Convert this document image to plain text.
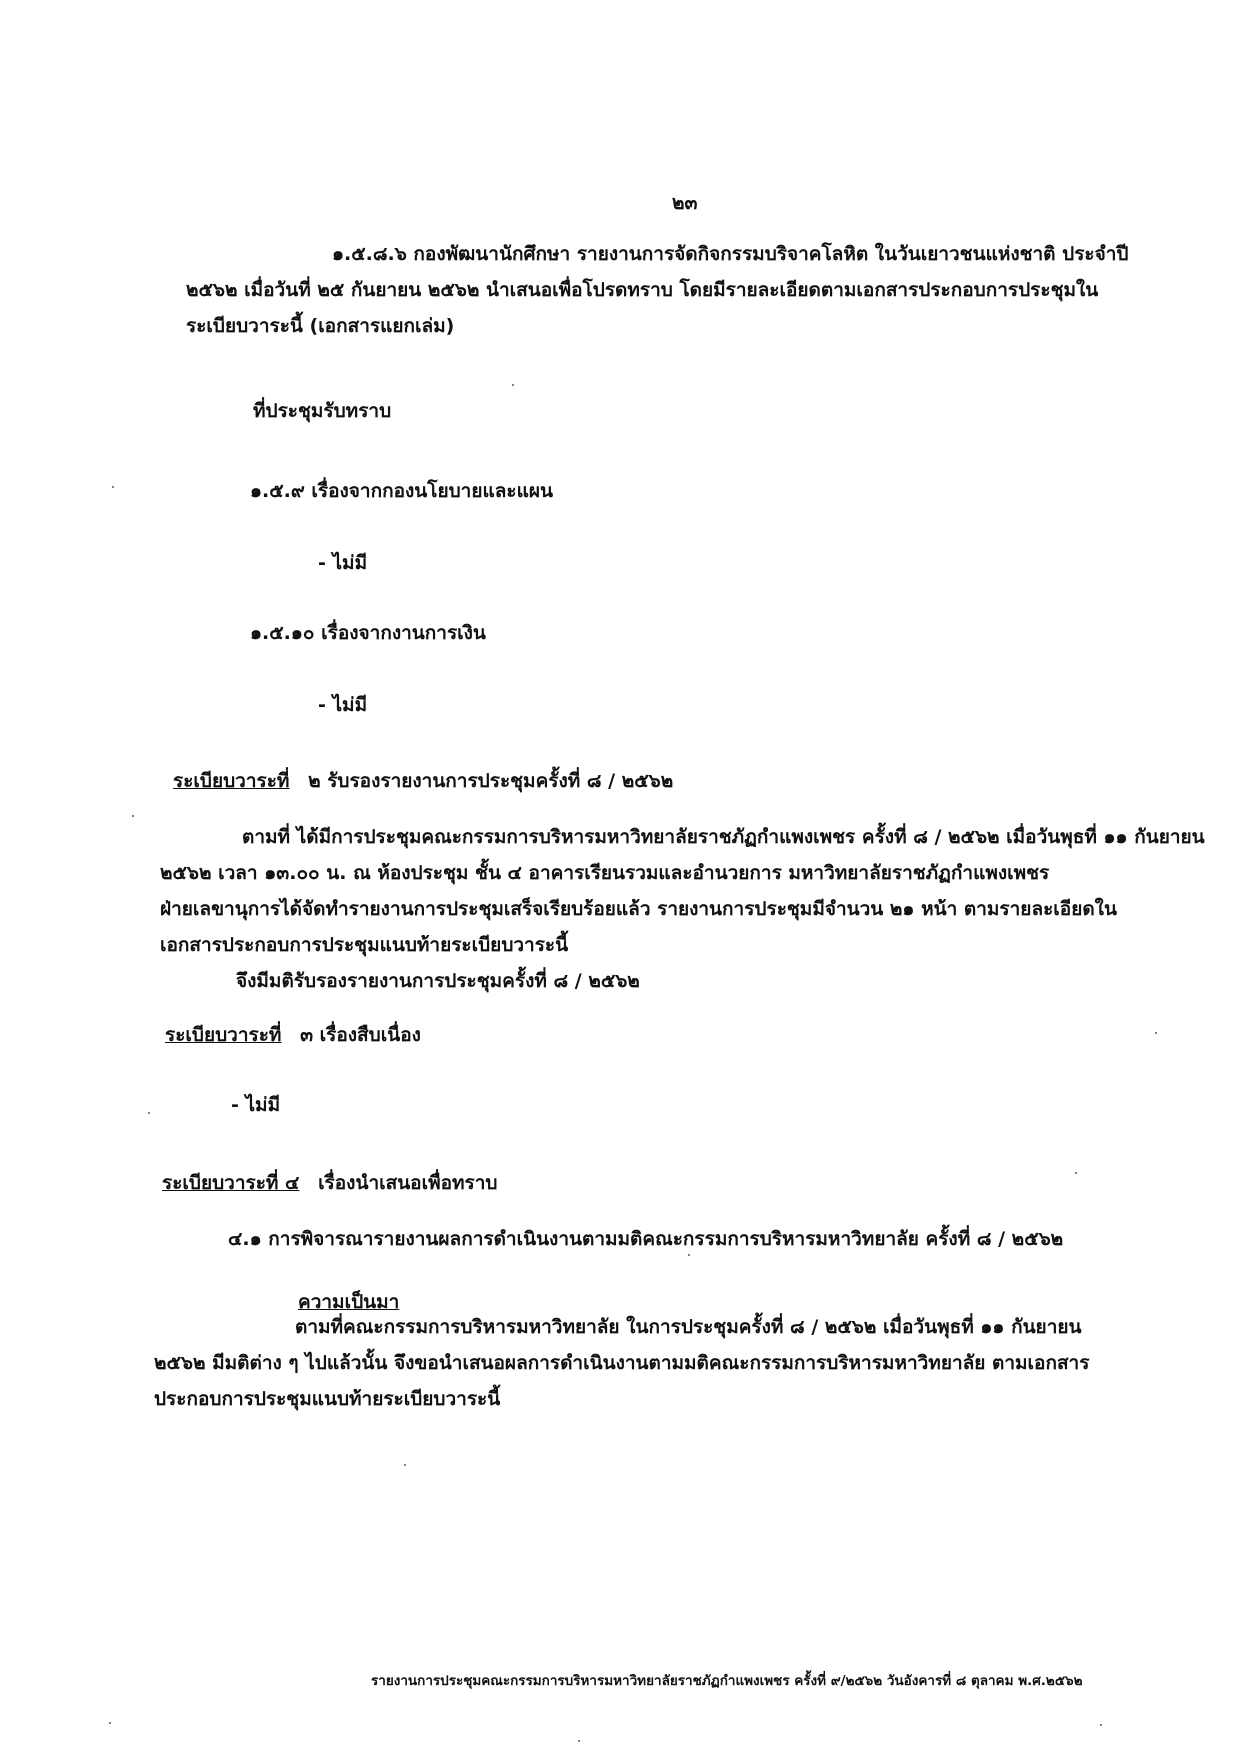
๒๓
๑.๕.๘.๖ กองพัฒนานักศึกษา รายงานการจัดกิจกรรมบริจาคโลหิต ในวันเยาวชนแห่งชาติ ประจำปี
๒๕๖๒ เมื่อวันที่ ๒๕ กันยายน ๒๕๖๒ นำเสนอเพื่อโปรดทราบ โดยมีรายละเอียดตามเอกสารประกอบการประชุมใน
ระเบียบวาระนี้ (เอกสารแยกเล่ม)
ที่ประชุมรับทราบ
๑.๕.๙ เรื่องจากกองนโยบายและแผน
- ไม่มี
๑.๕.๑๐ เรื่องจากงานการเงิน
- ไม่มี
ระเบียบวาระที่ ๒ รับรองรายงานการประชุมครั้งที่ ๘ / ๒๕๖๒
ตามที่ ได้มีการประชุมคณะกรรมการบริหารมหาวิทยาลัยราชภัฏกำแพงเพชร ครั้งที่ ๘ / ๒๕๖๒ เมื่อวันพุธที่ ๑๑ กันยายน
๒๕๖๒ เวลา ๑๓.๐๐ น. ณ ห้องประชุม ชั้น ๔ อาคารเรียนรวมและอำนวยการ มหาวิทยาลัยราชภัฏกำแพงเพชร
ฝ่ายเลขานุการได้จัดทำรายงานการประชุมเสร็จเรียบร้อยแล้ว รายงานการประชุมมีจำนวน ๒๑ หน้า ตามรายละเอียดใน
เอกสารประกอบการประชุมแนบท้ายระเบียบวาระนี้
จึงมีมติรับรองรายงานการประชุมครั้งที่ ๘ / ๒๕๖๒
ระเบียบวาระที่ ๓ เรื่องสืบเนื่อง
- ไม่มี
ระเบียบวาระที่ ๔ เรื่องนำเสนอเพื่อทราบ
๔.๑ การพิจารณารายงานผลการดำเนินงานตามมติคณะกรรมการบริหารมหาวิทยาลัย ครั้งที่ ๘ / ๒๕๖๒
ความเป็นมา
ตามที่คณะกรรมการบริหารมหาวิทยาลัย ในการประชุมครั้งที่ ๘ / ๒๕๖๒ เมื่อวันพุธที่ ๑๑ กันยายน
๒๕๖๒ มีมติต่าง ๆ ไปแล้วนั้น จึงขอนำเสนอผลการดำเนินงานตามมติคณะกรรมการบริหารมหาวิทยาลัย ตามเอกสาร
ประกอบการประชุมแนบท้ายระเบียบวาระนี้
รายงานการประชุมคณะกรรมการบริหารมหาวิทยาลัยราชภัฏกำแพงเพชร ครั้งที่ ๙/๒๕๖๒ วันอังคารที่ ๘ ตุลาคม พ.ศ.๒๕๖๒
